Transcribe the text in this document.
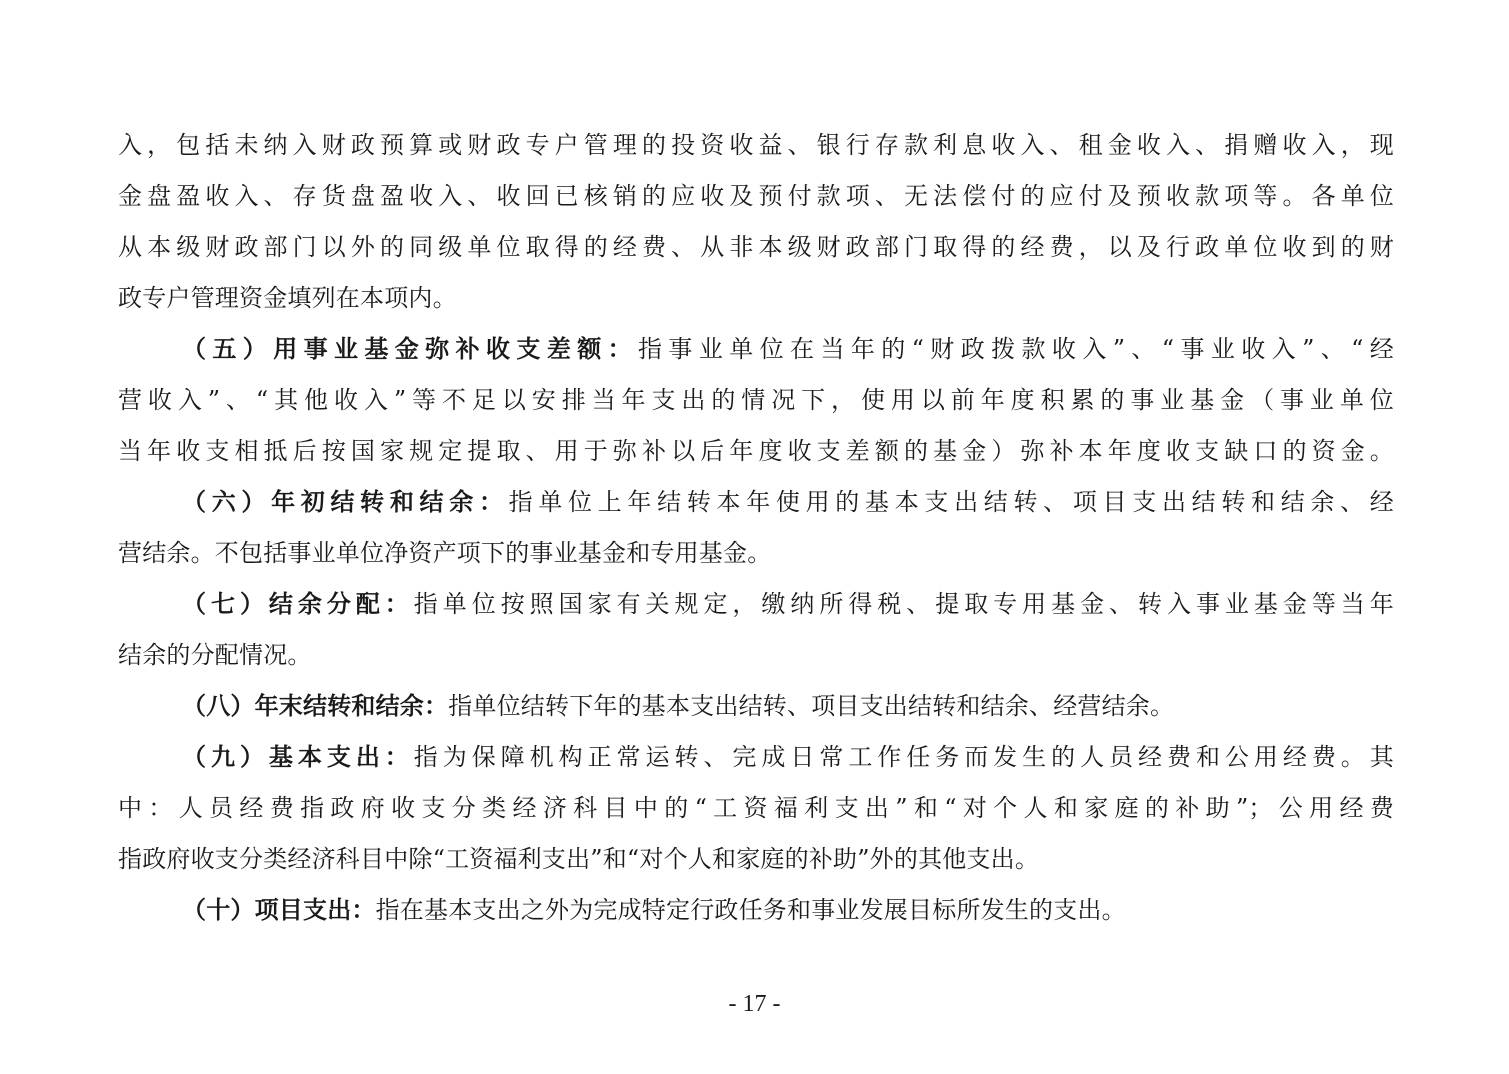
入，包括未纳入财政预算或财政专户管理的投资收益、银行存款利息收入、租金收入、捐赠收入，现
金盘盈收入、存货盘盈收入、收回已核销的应收及预付款项、无法偿付的应付及预收款项等。各单位
从本级财政部门以外的同级单位取得的经费、从非本级财政部门取得的经费，以及行政单位收到的财
政专户管理资金填列在本项内。
（五）用事业基金弥补收支差额：指事业单位在当年的“财政拨款收入”、“事业收入”、“经
营收入”、“其他收入”等不足以安排当年支出的情况下，使用以前年度积累的事业基金（事业单位
当年收支相抵后按国家规定提取、用于弥补以后年度收支差额的基金）弥补本年度收支缺口的资金。
（六）年初结转和结余：指单位上年结转本年使用的基本支出结转、项目支出结转和结余、经
营结余。不包括事业单位净资产项下的事业基金和专用基金。
（七）结余分配：指单位按照国家有关规定，缴纳所得税、提取专用基金、转入事业基金等当年
结余的分配情况。
（八）年末结转和结余：指单位结转下年的基本支出结转、项目支出结转和结余、经营结余。
（九）基本支出：指为保障机构正常运转、完成日常工作任务而发生的人员经费和公用经费。其
中：人员经费指政府收支分类经济科目中的“工资福利支出”和“对个人和家庭的补助”；公用经费
指政府收支分类经济科目中除“工资福利支出”和“对个人和家庭的补助”外的其他支出。
（十）项目支出：指在基本支出之外为完成特定行政任务和事业发展目标所发生的支出。
- 17 -
